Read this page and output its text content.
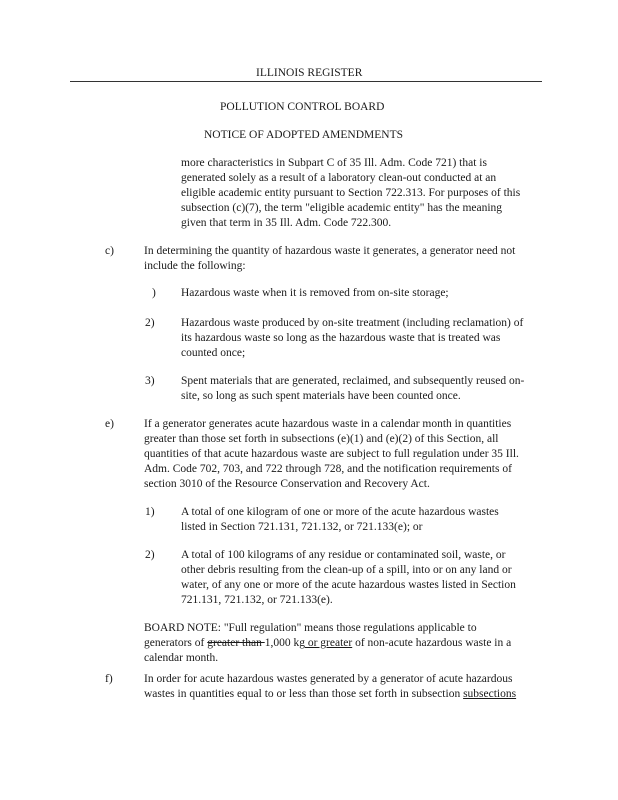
ILLINOIS REGISTER
POLLUTION CONTROL BOARD
NOTICE OF ADOPTED AMENDMENTS
more characteristics in Subpart C of 35 Ill. Adm. Code 721) that is
generated solely as a result of a laboratory clean-out conducted at an
eligible academic entity pursuant to Section 722.313. For purposes of this
subsection (c)(7), the term "eligible academic entity" has the meaning
given that term in 35 Ill. Adm. Code 722.300.
c)	In determining the quantity of hazardous waste it generates, a generator need not
include the following:
) Hazardous waste when it is removed from on-site storage;
2) Hazardous waste produced by on-site treatment (including reclamation) of
its hazardous waste so long as the hazardous waste that is treated was
counted once;
3) Spent materials that are generated, reclaimed, and subsequently reused on-
site, so long as such spent materials have been counted once.
e)	If a generator generates acute hazardous waste in a calendar month in quantities
greater than those set forth in subsections (e)(1) and (e)(2) of this Section, all
quantities of that acute hazardous waste are subject to full regulation under 35 Ill.
Adm. Code 702, 703, and 722 through 728, and the notification requirements of
section 3010 of the Resource Conservation and Recovery Act.
1) A total of one kilogram of one or more of the acute hazardous wastes
listed in Section 721.131, 721.132, or 721.133(e); or
2) A total of 100 kilograms of any residue or contaminated soil, waste, or
other debris resulting from the clean-up of a spill, into or on any land or
water, of any one or more of the acute hazardous wastes listed in Section
721.131, 721.132, or 721.133(e).
BOARD NOTE: "Full regulation" means those regulations applicable to
generators of greater than 1,000 kg or greater of non-acute hazardous waste in a
calendar month.
f)	In order for acute hazardous wastes generated by a generator of acute hazardous
wastes in quantities equal to or less than those set forth in subsection subsections
